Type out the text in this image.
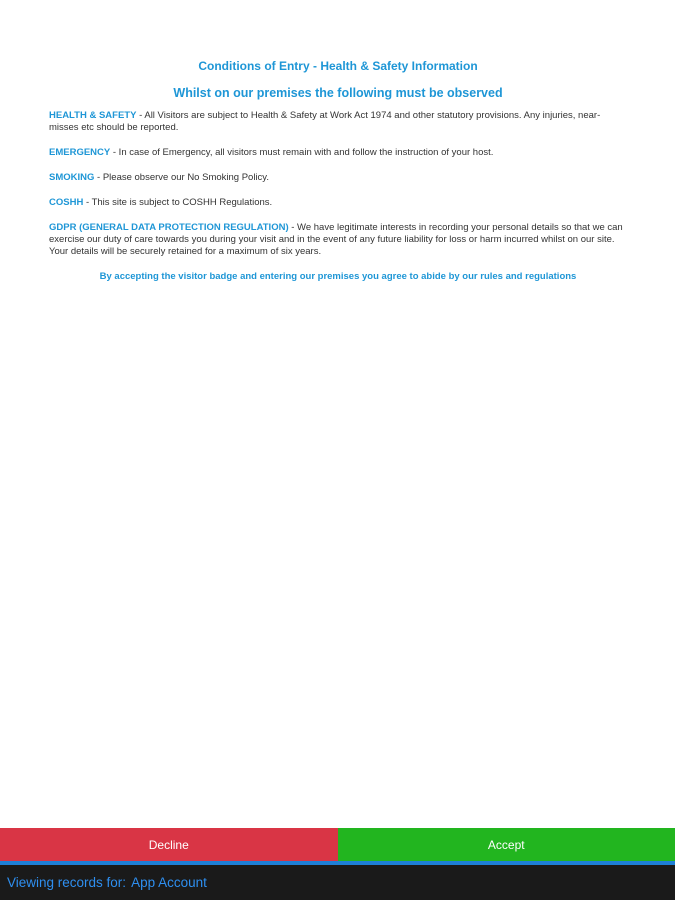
Conditions of Entry - Health & Safety Information

Whilst on our premises the following must be observed

HEALTH & SAFETY - All Visitors are subject to Health & Safety at Work Act 1974 and other statutory provisions. Any injuries, near-misses etc should be reported.

EMERGENCY - In case of Emergency, all visitors must remain with and follow the instruction of your host.

SMOKING - Please observe our No Smoking Policy.

COSHH - This site is subject to COSHH Regulations.

GDPR (GENERAL DATA PROTECTION REGULATION) - We have legitimate interests in recording your personal details so that we can exercise our duty of care towards you during your visit and in the event of any future liability for loss or harm incurred whilst on our site. Your details will be securely retained for a maximum of six years.

By accepting the visitor badge and entering our premises you agree to abide by our rules and regulations

Decline	Accept
Viewing records for: App Account
